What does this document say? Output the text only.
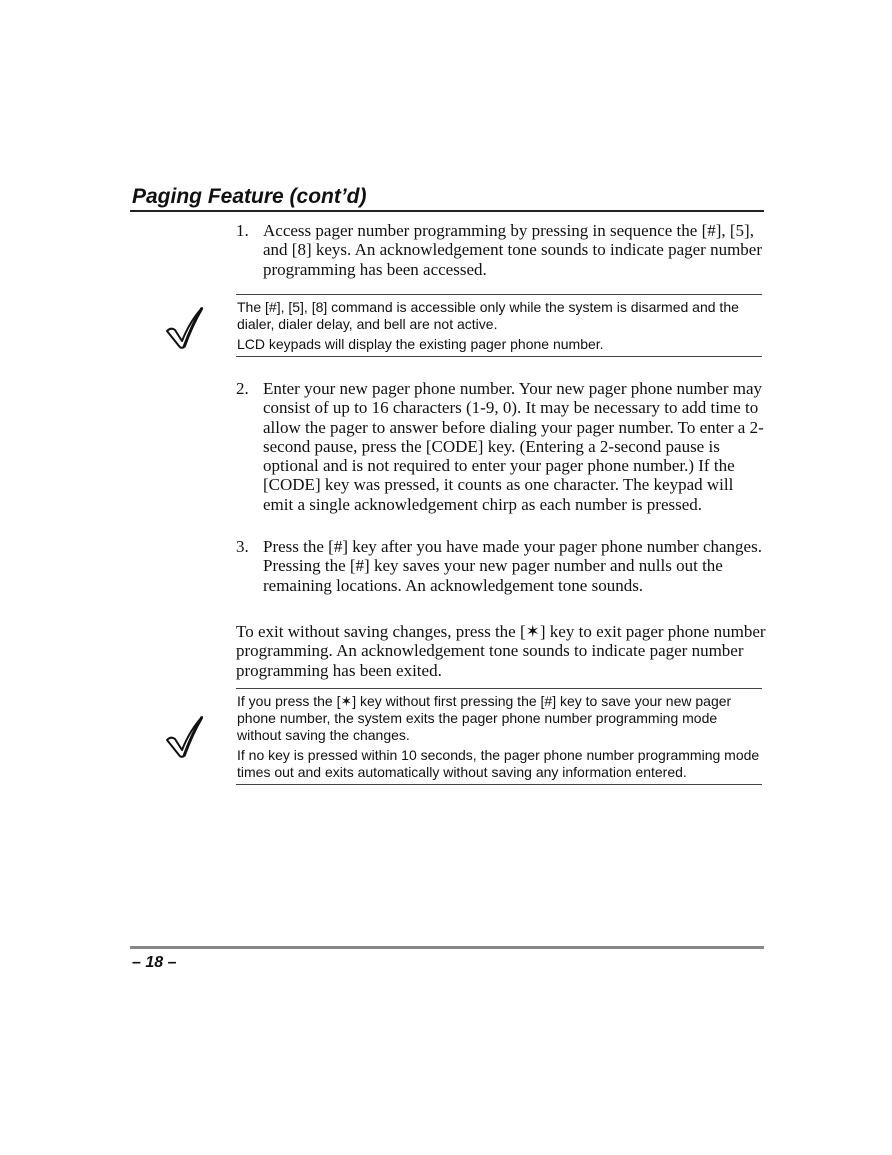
Paging Feature (cont’d)
1. Access pager number programming by pressing in sequence the [#], [5], and [8] keys. An acknowledgement tone sounds to indicate pager number programming has been accessed.

The [#], [5], [8] command is accessible only while the system is disarmed and the dialer, dialer delay, and bell are not active.

LCD keypads will display the existing pager phone number.

2. Enter your new pager phone number. Your new pager phone number may consist of up to 16 characters (1-9, 0). It may be necessary to add time to allow the pager to answer before dialing your pager number. To enter a 2-second pause, press the [CODE] key. (Entering a 2-second pause is optional and is not required to enter your pager phone number.) If the [CODE] key was pressed, it counts as one character. The keypad will emit a single acknowledgement chirp as each number is pressed.
3. Press the [#] key after you have made your pager phone number changes. Pressing the [#] key saves your new pager number and nulls out the remaining locations. An acknowledgement tone sounds.
To exit without saving changes, press the [✶] key to exit pager phone number programming. An acknowledgement tone sounds to indicate pager number programming has been exited.

If you press the [✶] key without first pressing the [#] key to save your new pager phone number, the system exits the pager phone number programming mode without saving the changes.

If no key is pressed within 10 seconds, the pager phone number programming mode times out and exits automatically without saving any information entered.

– 18 –
